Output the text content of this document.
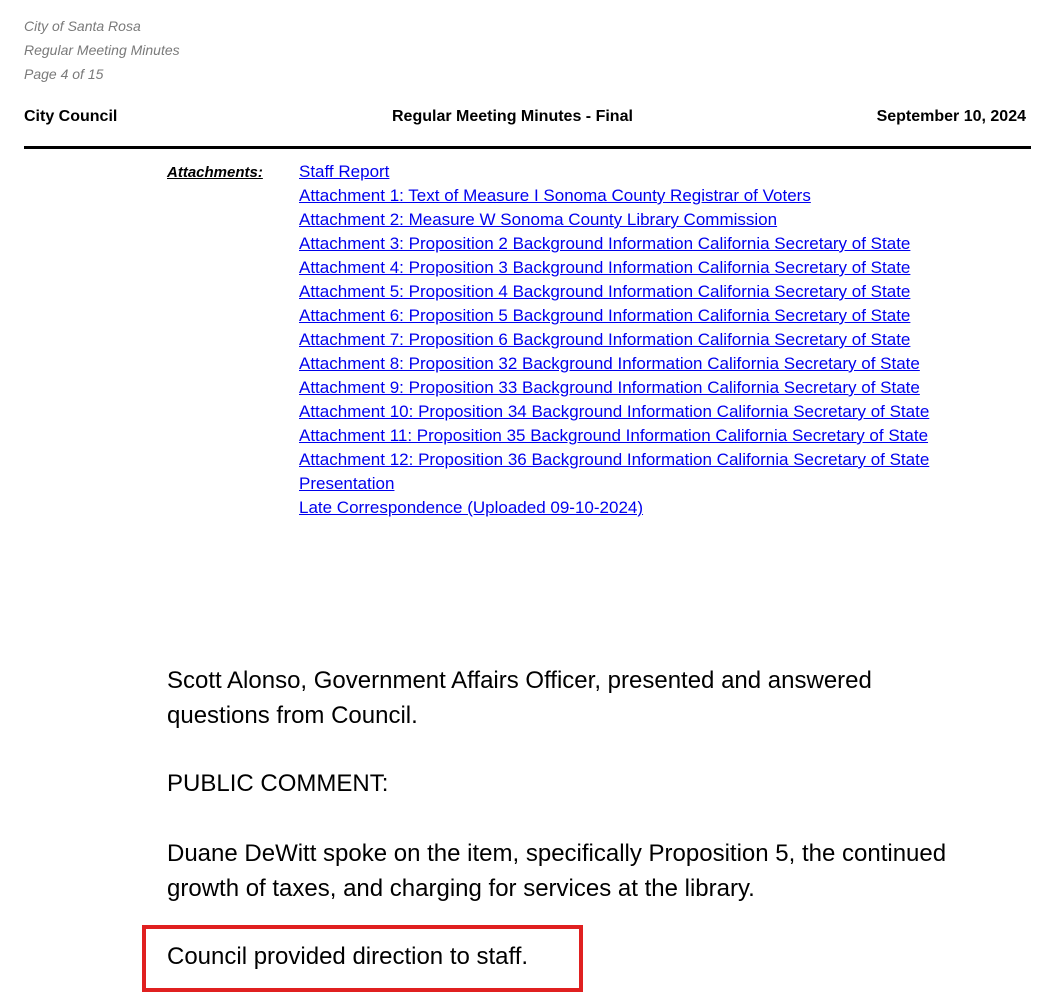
City of Santa Rosa
Regular Meeting Minutes
Page 4 of 15
City Council	Regular Meeting Minutes - Final	September 10, 2024
Attachments: Staff Report
Attachment 1: Text of Measure I Sonoma County Registrar of Voters
Attachment 2: Measure W Sonoma County Library Commission
Attachment 3: Proposition 2 Background Information California Secretary of State
Attachment 4: Proposition 3 Background Information California Secretary of State
Attachment 5: Proposition 4 Background Information California Secretary of State
Attachment 6: Proposition 5 Background Information California Secretary of State
Attachment 7: Proposition 6 Background Information California Secretary of State
Attachment 8: Proposition 32 Background Information California Secretary of State
Attachment 9: Proposition 33 Background Information California Secretary of State
Attachment 10: Proposition 34 Background Information California Secretary of State
Attachment 11: Proposition 35 Background Information California Secretary of State
Attachment 12: Proposition 36 Background Information California Secretary of State
Presentation
Late Correspondence (Uploaded 09-10-2024)

Scott Alonso, Government Affairs Officer, presented and answered questions from Council.

PUBLIC COMMENT:

Duane DeWitt spoke on the item, specifically Proposition 5, the continued growth of taxes, and charging for services at the library.

Council provided direction to staff.
